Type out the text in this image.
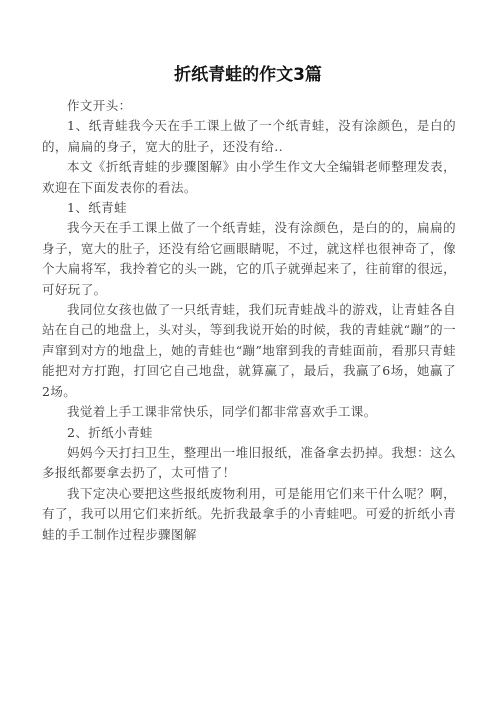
折纸青蛙的作文3篇

作文开头：

1、纸青蛙我今天在手工课上做了一个纸青蛙，没有涂颜色，是白的的，扁扁的身子，宽大的肚子，还没有给..

本文《折纸青蛙的步骤图解》由小学生作文大全编辑老师整理发表，欢迎在下面发表你的看法。

1、纸青蛙

我今天在手工课上做了一个纸青蛙，没有涂颜色，是白的的，扁扁的身子，宽大的肚子，还没有给它画眼睛呢，不过，就这样也很神奇了，像个大扁将军，我拎着它的头一跳，它的爪子就弹起来了，往前窜的很远，可好玩了。

我同位女孩也做了一只纸青蛙，我们玩青蛙战斗的游戏，让青蛙各自站在自己的地盘上，头对头，等到我说开始的时候，我的青蛙就“蹦”的一声窜到对方的地盘上，她的青蛙也“蹦”地窜到我的青蛙面前，看那只青蛙能把对方打跑，打回它自己地盘，就算赢了，最后，我赢了6场，她赢了2场。

我觉着上手工课非常快乐，同学们都非常喜欢手工课。

2、折纸小青蛙

妈妈今天打扫卫生，整理出一堆旧报纸，准备拿去扔掉。我想：这么多报纸都要拿去扔了，太可惜了！

我下定决心要把这些报纸废物利用，可是能用它们来干什么呢？啊，有了，我可以用它们来折纸。先折我最拿手的小青蛙吧。可爱的折纸小青蛙的手工制作过程步骤图解
